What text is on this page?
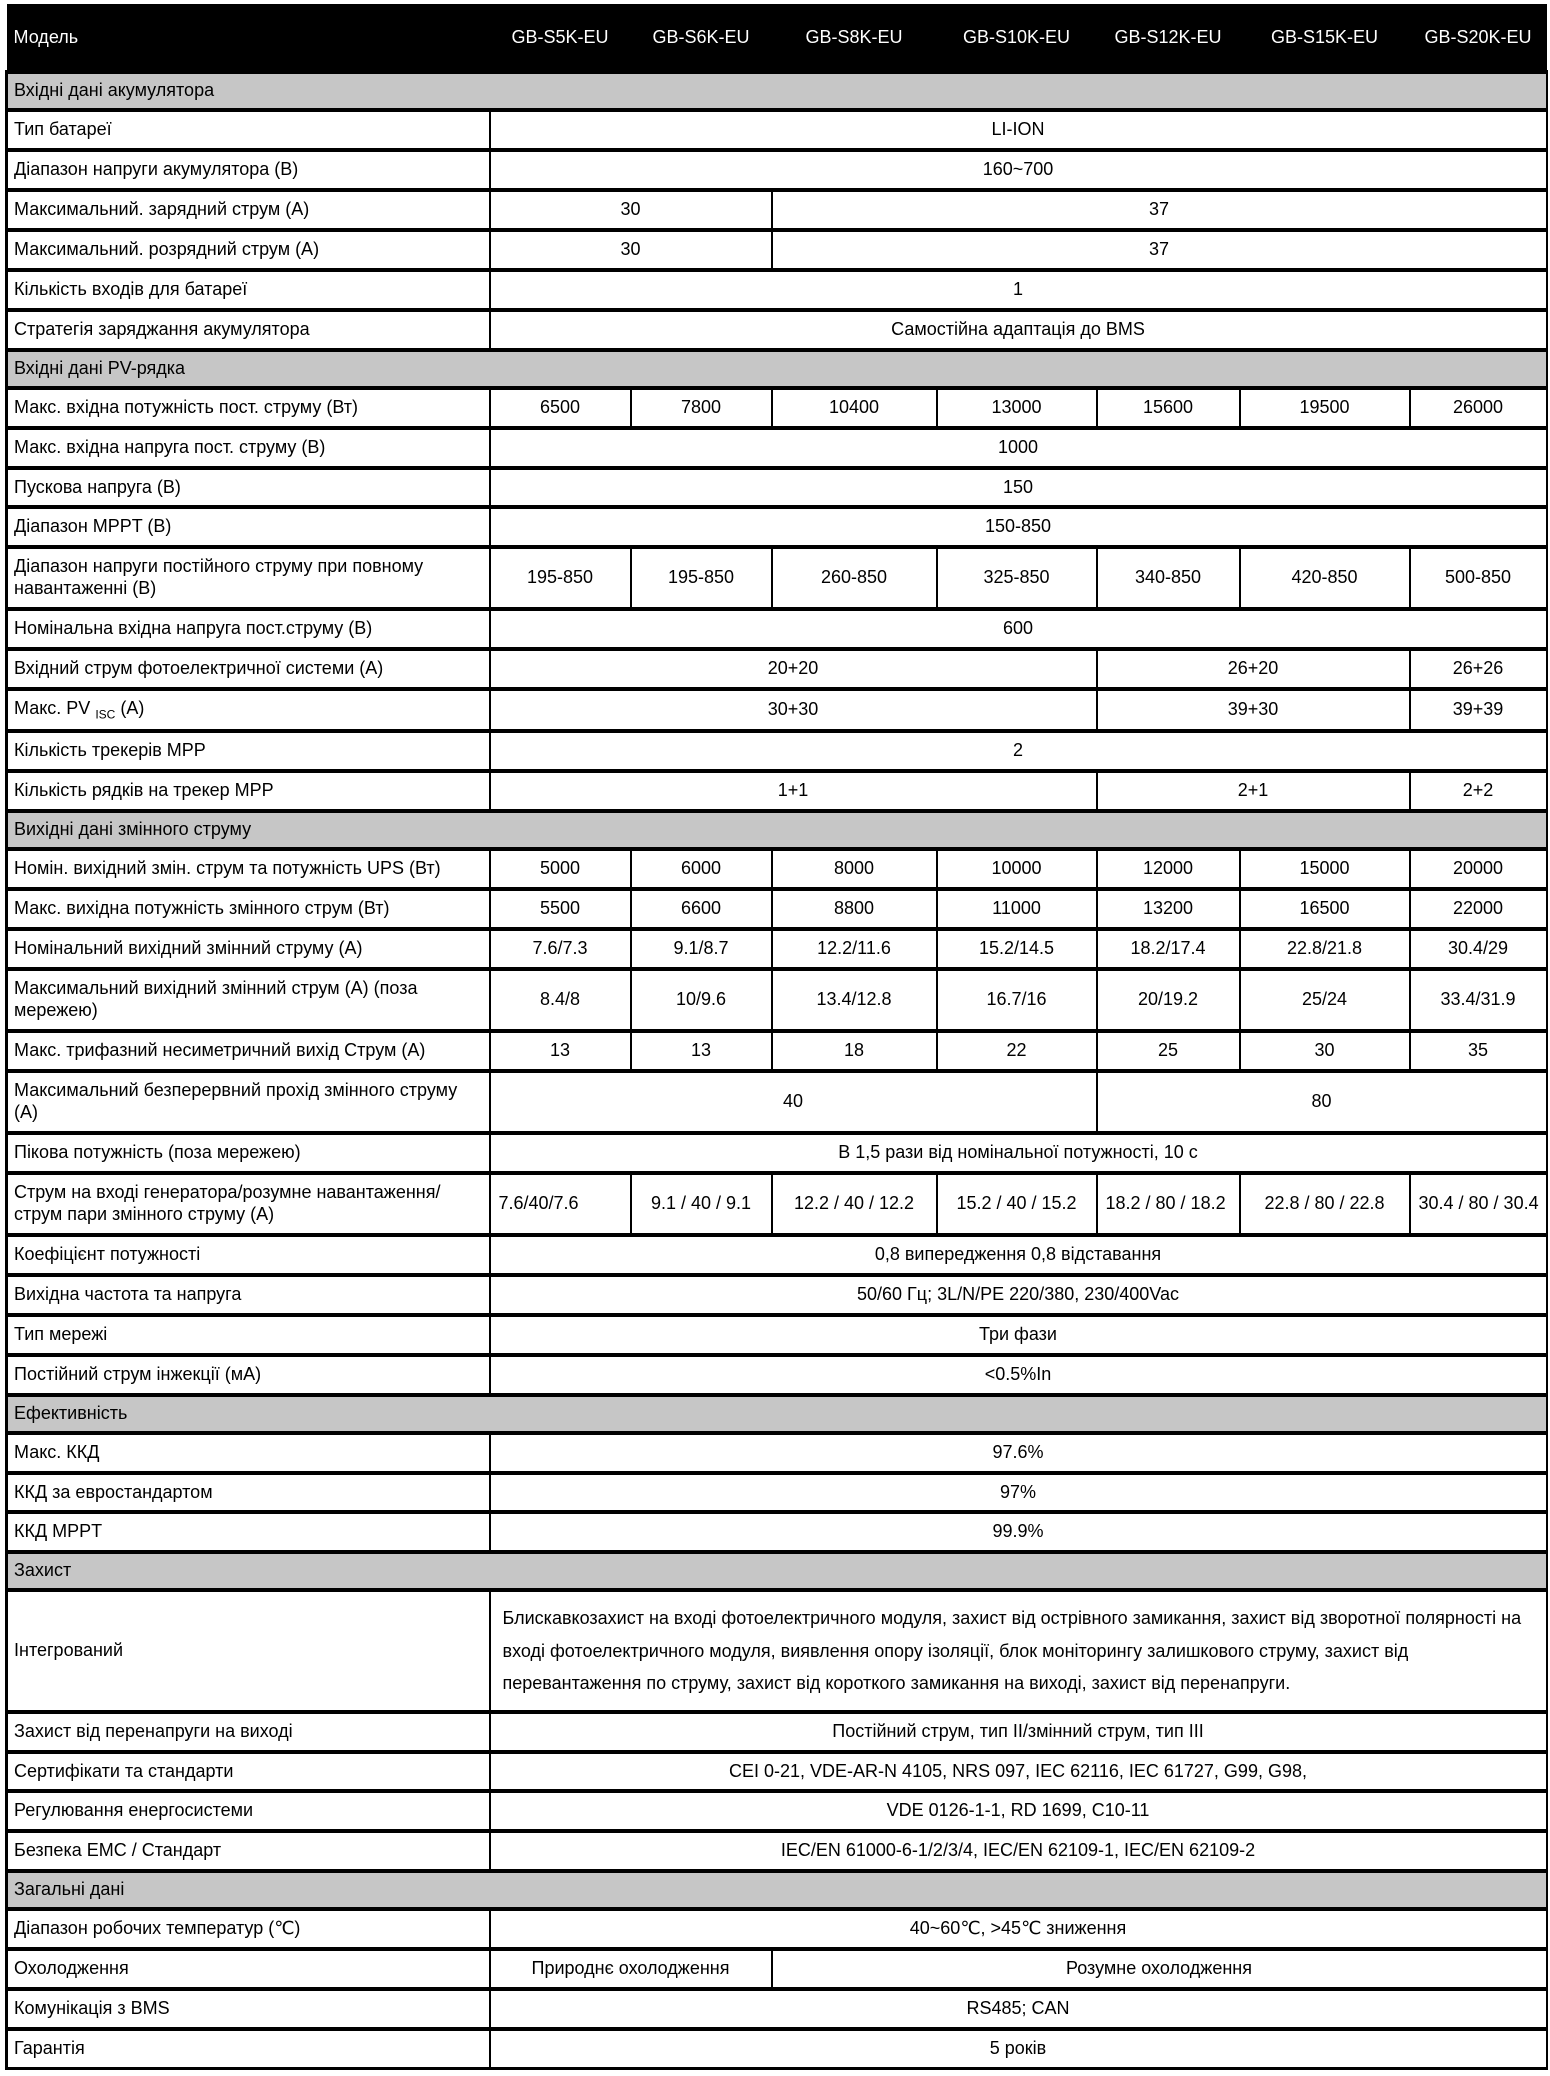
Модель	GB-S5K-EU	GB-S6K-EU	GB-S8K-EU	GB-S10K-EU	GB-S12K-EU	GB-S15K-EU	GB-S20K-EU
Вхідні дані акумулятора							
Тип батареї	LI-ION						
Діапазон напруги акумулятора (В)	160~700						
Максимальний. зарядний струм (А)	30		37				
Максимальний. розрядний струм (А)	30		37				
Кількість входів для батареї	1						
Стратегія заряджання акумулятора	Самостійна адаптація до BMS						
Вхідні дані PV-рядка							
Макс. вхідна потужність пост. струму (Вт)	6500	7800	10400	13000	15600	19500	26000
Макс. вхідна напруга пост. струму (В)	1000						
Пускова напруга (В)	150						
Діапазон MPPT (В)	150-850						
Діапазон напруги постійного струму при повному навантаженні (В)	195-850	195-850	260-850	325-850	340-850	420-850	500-850
Номінальна вхідна напруга пост.струму (В)	600						
Вхідний струм фотоелектричної системи (А)	20+20				26+20		26+26
Макс. PV $_{ISC}$ (А)	30+30				39+30		39+39
Кількість трекерів MPP	2						
Кількість рядків на трекер MPP	1+1				2+1		2+2
Вихідні дані змінного струму							
Номін. вихідний змін. струм та потужність UPS (Вт)	5000	6000	8000	10000	12000	15000	20000
Макс. вихідна потужність змінного струм (Вт)	5500	6600	8800	11000	13200	16500	22000
Номінальний вихідний змінний струму (А)	7.6/7.3	9.1/8.7	12.2/11.6	15.2/14.5	18.2/17.4	22.8/21.8	30.4/29
Максимальний вихідний змінний струм (А) (поза мережею)	8.4/8	10/9.6	13.4/12.8	16.7/16	20/19.2	25/24	33.4/31.9
Макс. трифазний несиметричний вихід Струм (А)	13	13	18	22	25	30	35
Максимальний безперервний прохід змінного струму (А)	40				80		
Пікова потужність (поза мережею)	В 1,5 рази від номінальної потужності, 10 с						
Струм на вході генератора/розумне навантаження/струм пари змінного струму (А)	7.6/40/7.6	9.1 / 40 / 9.1	12.2 / 40 / 12.2	15.2 / 40 / 15.2	18.2 / 80 / 18.2	22.8 / 80 / 22.8	30.4 / 80 / 30.4
Коефіцієнт потужності	0,8 випередження 0,8 відставання						
Вихідна частота та напруга	50/60 Гц; 3L/N/PE 220/380, 230/400Vac						
Тип мережі	Три фази						
Постійний струм інжекції (мА)	<0.5%In						
Ефективність							
Макс. ККД	97.6%						
ККД за евростандартом	97%						
ККД MPPT	99.9%						
Захист							
Інтегрований	Блискавкозахист на вході фотоелектричного модуля, захист від острівного замикання, захист від зворотної полярності на вході фотоелектричного модуля, виявлення опору ізоляції, блок моніторингу залишкового струму, захист від перевантаження по струму, захист від короткого замикання на виході, захист від перенапруги.						
Захист від перенапруги на виході	Постійний струм, тип II/змінний струм, тип III						
Сертифікати та стандарти	CEI 0-21, VDE-AR-N 4105, NRS 097, IEC 62116, IEC 61727, G99, G98,						
Регулювання енергосистеми	VDE 0126-1-1, RD 1699, C10-11						
Безпека EMC / Стандарт	IEC/EN 61000-6-1/2/3/4, IEC/EN 62109-1, IEC/EN 62109-2						
Загальні дані							
Діапазон робочих температур (℃)	40~60℃, >45℃ зниження						
Охолодження	Природнє охолодження		Розумне охолодження				
Комунікація з BMS	RS485; CAN						
Гарантія	5 років						
